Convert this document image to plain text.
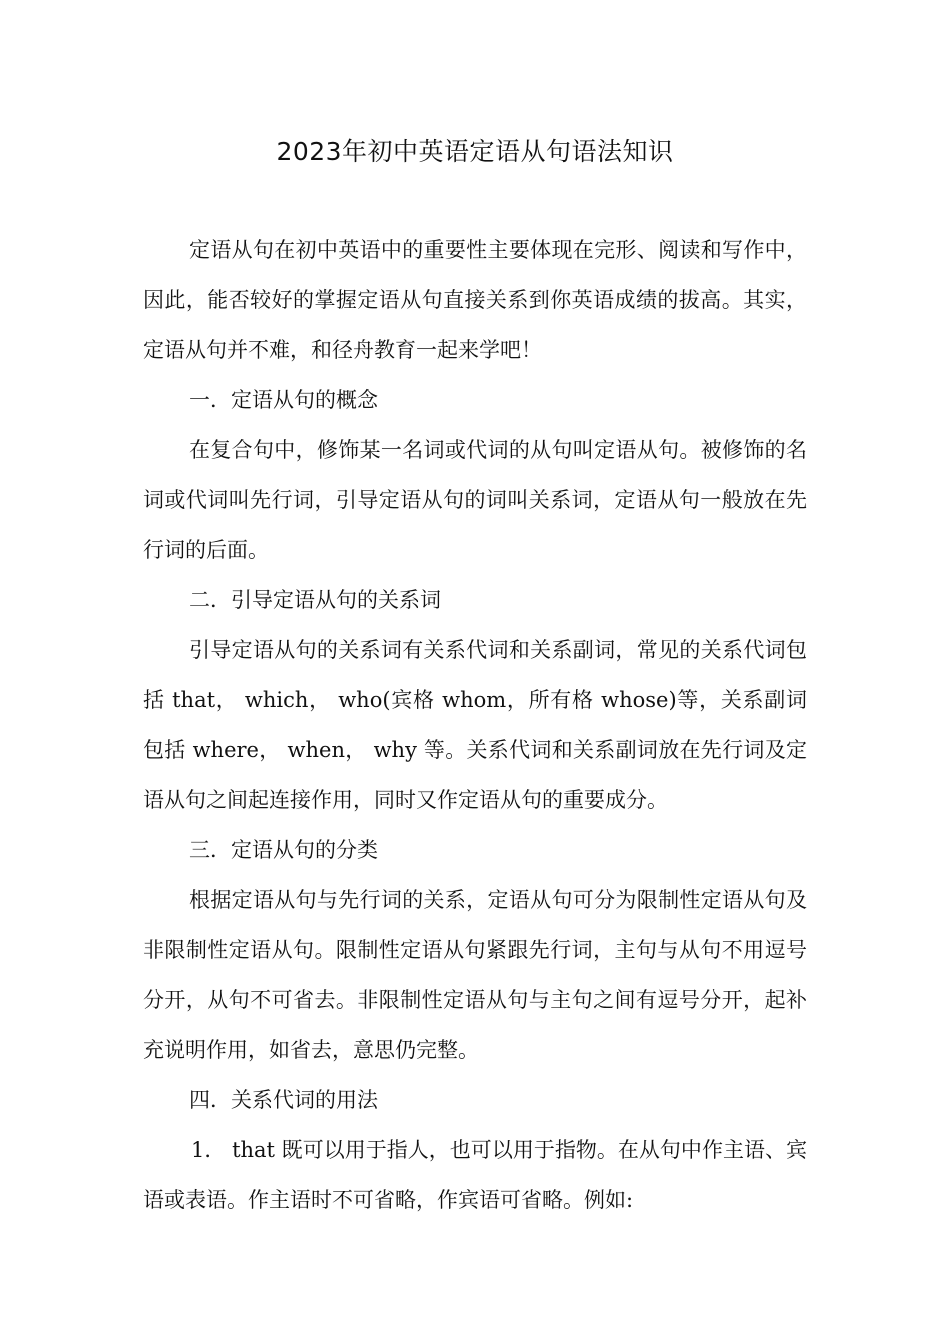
2023年初中英语定语从句语法知识

定语从句在初中英语中的重要性主要体现在完形、阅读和写作中，因此，能否较好的掌握定语从句直接关系到你英语成绩的拔高。其实，定语从句并不难，和径舟教育一起来学吧！

一．定语从句的概念

在复合句中，修饰某一名词或代词的从句叫定语从句。被修饰的名词或代词叫先行词，引导定语从句的词叫关系词，定语从句一般放在先行词的后面。

二．引导定语从句的关系词

引导定语从句的关系词有关系代词和关系副词，常见的关系代词包括 that， which， who(宾格 whom，所有格 whose)等，关系副词包括 where， when， why 等。关系代词和关系副词放在先行词及定语从句之间起连接作用，同时又作定语从句的重要成分。

三．定语从句的分类

根据定语从句与先行词的关系，定语从句可分为限制性定语从句及非限制性定语从句。限制性定语从句紧跟先行词，主句与从句不用逗号分开，从句不可省去。非限制性定语从句与主句之间有逗号分开，起补充说明作用，如省去，意思仍完整。

四．关系代词的用法

1． that 既可以用于指人，也可以用于指物。在从句中作主语、宾语或表语。作主语时不可省略，作宾语可省略。例如:
